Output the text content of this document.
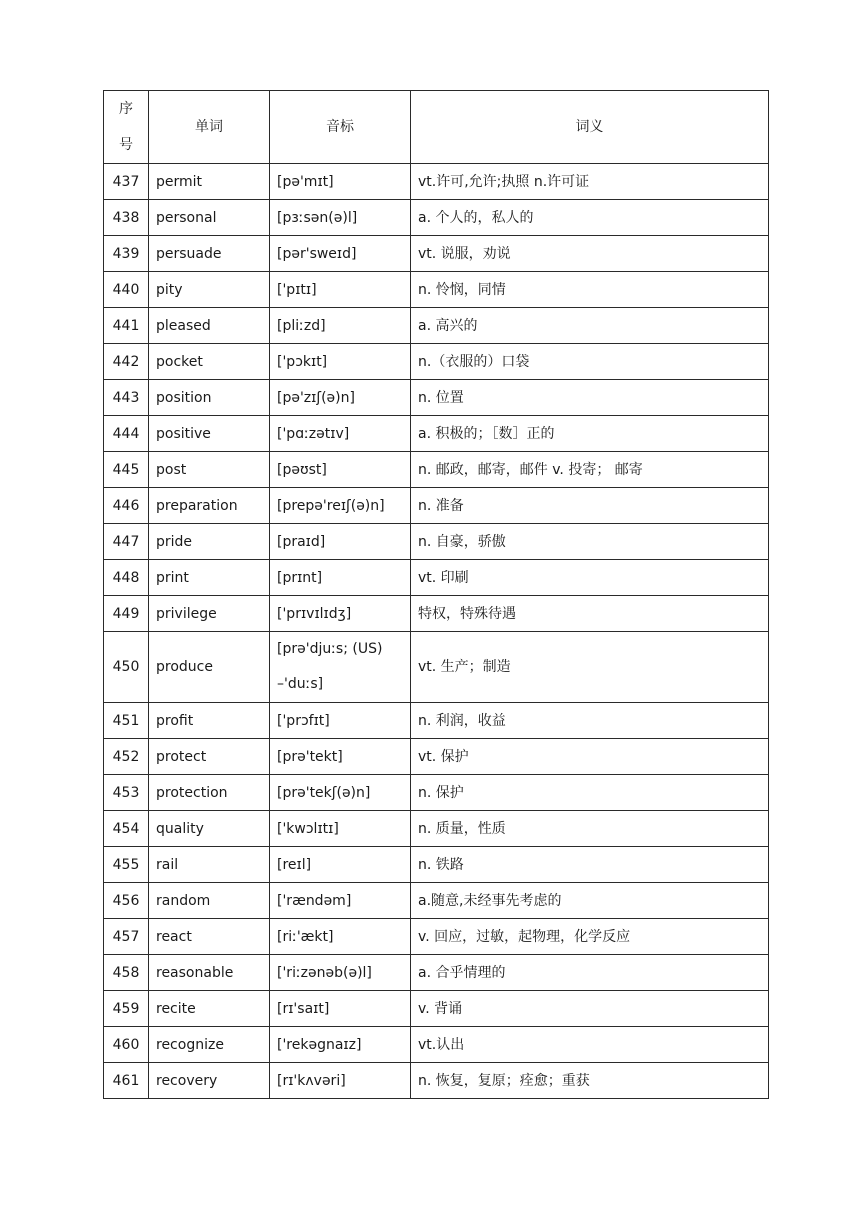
序
号	单词	音标	词义
437	permit	[pə'mɪt]	vt.许可,允许;执照 n.许可证
438	personal	[pɜːsən(ə)l]	a. 个人的，私人的
439	persuade	[pər'sweɪd]	vt. 说服，劝说
440	pity	['pɪtɪ]	n. 怜悯，同情
441	pleased	[pliːzd]	a. 高兴的
442	pocket	['pɔkɪt]	n.（衣服的）口袋
443	position	[pə'zɪʃ(ə)n]	n. 位置
444	positive	['pɑːzətɪv]	a. 积极的；［数］正的
445	post	[pəʊst]	n. 邮政，邮寄，邮件 v. 投寄； 邮寄
446	preparation	[prepə'reɪʃ(ə)n]	n. 准备
447	pride	[praɪd]	n. 自豪，骄傲
448	print	[prɪnt]	vt. 印刷
449	privilege	['prɪvɪlɪdʒ]	特权，特殊待遇
450	produce	[prə'djuːs; (US) –'duːs]	vt. 生产；制造
451	profit	['prɔfɪt]	n. 利润，收益
452	protect	[prə'tekt]	vt. 保护
453	protection	[prə'tekʃ(ə)n]	n. 保护
454	quality	['kwɔlɪtɪ]	n. 质量，性质
455	rail	[reɪl]	n. 铁路
456	random	['rændəm]	a.随意,未经事先考虑的
457	react	[riː'ækt]	v. 回应，过敏，起物理，化学反应
458	reasonable	['riːzənəb(ə)l]	a. 合乎情理的
459	recite	[rɪ'saɪt]	v. 背诵
460	recognize	['rekəgnaɪz]	vt.认出
461	recovery	[rɪ'kʌvəri]	n. 恢复，复原；痊愈；重获
